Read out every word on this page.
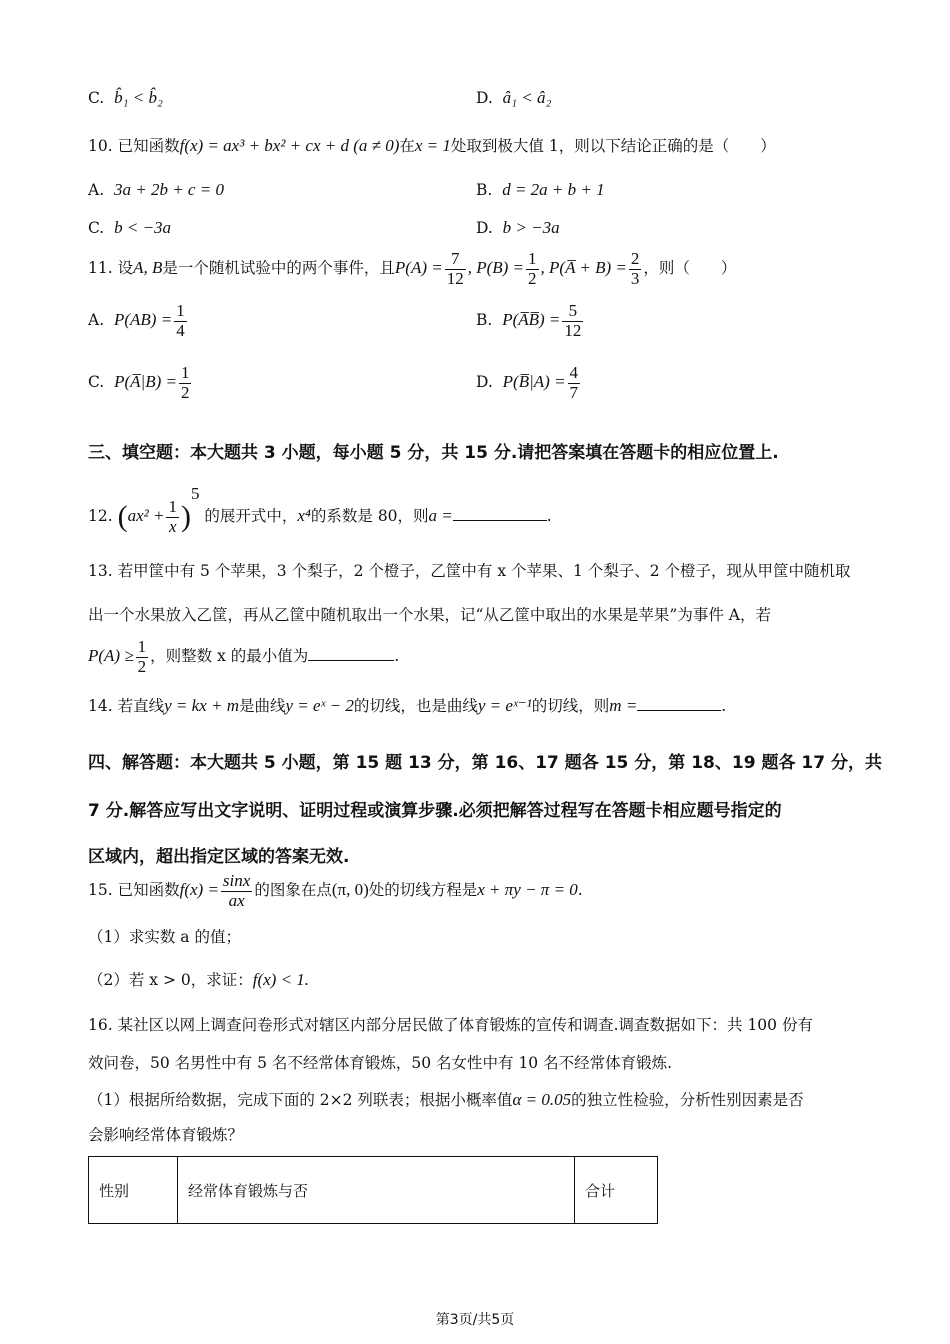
C. b̂₁ < b̂₂	D. â₁ < â₂
10. 已知函数f(x) = ax³ + bx² + cx + d (a ≠ 0)在x = 1处取到极大值 1，则以下结论正确的是（　　）
A. 3a + 2b + c = 0	B. d = 2a + b + 1
C. b < −3a	D. b > −3a
11. 设A, B是一个随机试验中的两个事件，且$P(A) = \frac{7}{12}$ , $P(B) = \frac{1}{2}$ , P(A̅ + $B) = \frac{2}{3}$ ，则（　　）
A. $P(AB) = \frac{1}{4}$	B. P(A̅B̅) = $\frac{5}{12}$
C. P(A̅|B) = $\frac{1}{2}$	D. P(B̅|A) = $\frac{4}{7}$
三、填空题：本大题共 3 小题，每小题 5 分，共 15 分.请把答案填在答题卡的相应位置上.
12. $(ax^2 + \frac{1}{x} )^5$ 的展开式中，x⁴的系数是 80，则a =	.
13. 若甲筐中有 5 个苹果，3 个梨子，2 个橙子，乙筐中有 x 个苹果、1 个梨子、2 个橙子，现从甲筐中随机取
出一个水果放入乙筐，再从乙筐中随机取出一个水果，记“从乙筐中取出的水果是苹果”为事件 A，若
$P(A) \ge \frac{1}{2}$ ，则整数 x 的最小值为	.
14. 若直线y = kx + m是曲线y = eˣ − 2的切线，也是曲线y = eˣ⁻¹的切线，则m =	.
四、解答题：本大题共 5 小题，第 15 题 13 分，第 16、17 题各 15 分，第 18、19 题各 17 分，共
7 分.解答应写出文字说明、证明过程或演算步骤.必须把解答过程写在答题卡相应题号指定的
区域内，超出指定区域的答案无效.
15. 已知函数$f(x) = \frac{\sin x}{ax}$ 的图象在点(π, 0)处的切线方程是x + πy − π = 0.
（1）求实数 a 的值；
（2）若 x > 0，求证：f(x) < 1.
16. 某社区以网上调查问卷形式对辖区内部分居民做了体育锻炼的宣传和调查.调查数据如下：共 100 份有
效问卷，50 名男性中有 5 名不经常体育锻炼，50 名女性中有 10 名不经常体育锻炼.
（1）根据所给数据，完成下面的 2×2 列联表；根据小概率值α = 0.05的独立性检验，分析性别因素是否
会影响经常体育锻炼？
性别	经常体育锻炼与否	合计
第3页/共5页
